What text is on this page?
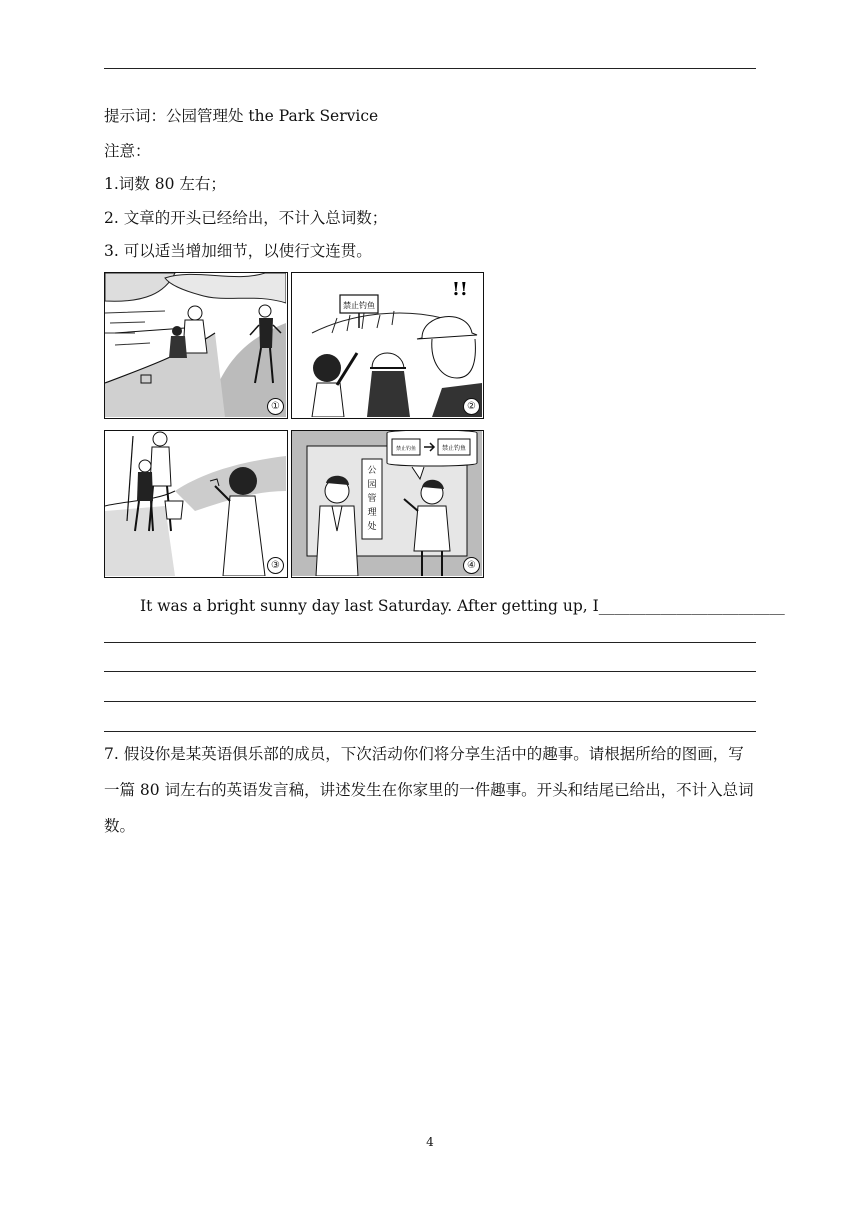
提示词：公园管理处 the Park Service
注意：
1.词数 80 左右；
2. 文章的开头已经给出，不计入总词数；
3. 可以适当增加细节，以使行文连贯。
①
禁止钓鱼
!!
②
③
公园管理处
禁止钓鱼	禁止钓鱼
④
It was a bright sunny day last Saturday. After getting up, I________________________
7. 假设你是某英语俱乐部的成员，下次活动你们将分享生活中的趣事。请根据所给的图画，写一篇 80 词左右的英语发言稿，讲述发生在你家里的一件趣事。开头和结尾已给出，不计入总词数。
4
